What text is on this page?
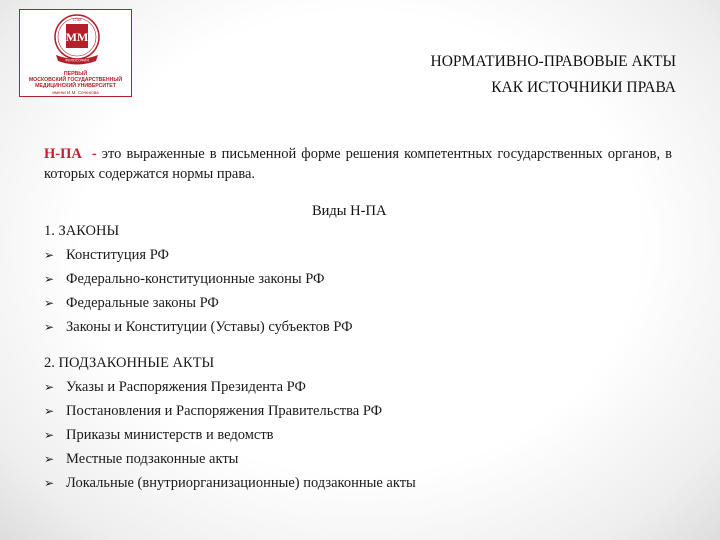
ММ
1758
ФИЛОСОФИЯ
ПЕРВЫЙ
МОСКОВСКИЙ ГОСУДАРСТВЕННЫЙ
МЕДИЦИНСКИЙ УНИВЕРСИТЕТ
имени И.М. Сеченова
НОРМАТИВНО-ПРАВОВЫЕ АКТЫ
КАК ИСТОЧНИКИ ПРАВА
Н-ПА - это выраженные в письменной форме решения компетентных государственных органов, в которых содержатся нормы права.
Виды Н-ПА
1. ЗАКОНЫ
➢ Конституция РФ
➢ Федерально-конституционные законы РФ
➢ Федеральные законы РФ
➢ Законы и Конституции (Уставы) субъектов РФ
2. ПОДЗАКОННЫЕ АКТЫ
➢ Указы и Распоряжения Президента РФ
➢ Постановления и Распоряжения Правительства РФ
➢ Приказы министерств и ведомств
➢ Местные подзаконные акты
➢ Локальные (внутриорганизационные) подзаконные акты
